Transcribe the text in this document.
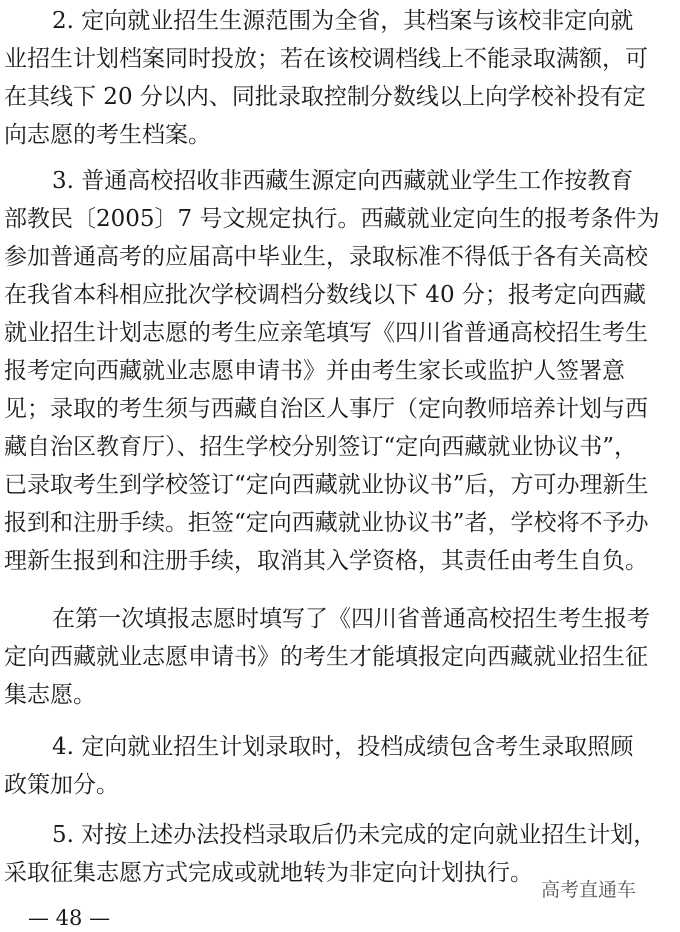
2. 定向就业招生生源范围为全省，其档案与该校非定向就
业招生计划档案同时投放；若在该校调档线上不能录取满额，可
在其线下 20 分以内、同批录取控制分数线以上向学校补投有定
向志愿的考生档案。
3. 普通高校招收非西藏生源定向西藏就业学生工作按教育
部教民〔2005〕7 号文规定执行。西藏就业定向生的报考条件为
参加普通高考的应届高中毕业生，录取标准不得低于各有关高校
在我省本科相应批次学校调档分数线以下 40 分；报考定向西藏
就业招生计划志愿的考生应亲笔填写《四川省普通高校招生考生
报考定向西藏就业志愿申请书》并由考生家长或监护人签署意
见；录取的考生须与西藏自治区人事厅（定向教师培养计划与西
藏自治区教育厅）、招生学校分别签订“定向西藏就业协议书”，
已录取考生到学校签订“定向西藏就业协议书”后，方可办理新生
报到和注册手续。拒签“定向西藏就业协议书”者，学校将不予办
理新生报到和注册手续，取消其入学资格，其责任由考生自负。
在第一次填报志愿时填写了《四川省普通高校招生考生报考
定向西藏就业志愿申请书》的考生才能填报定向西藏就业招生征
集志愿。
4. 定向就业招生计划录取时，投档成绩包含考生录取照顾
政策加分。
5. 对按上述办法投档录取后仍未完成的定向就业招生计划，
采取征集志愿方式完成或就地转为非定向计划执行。
高考直通车
— 48 —
